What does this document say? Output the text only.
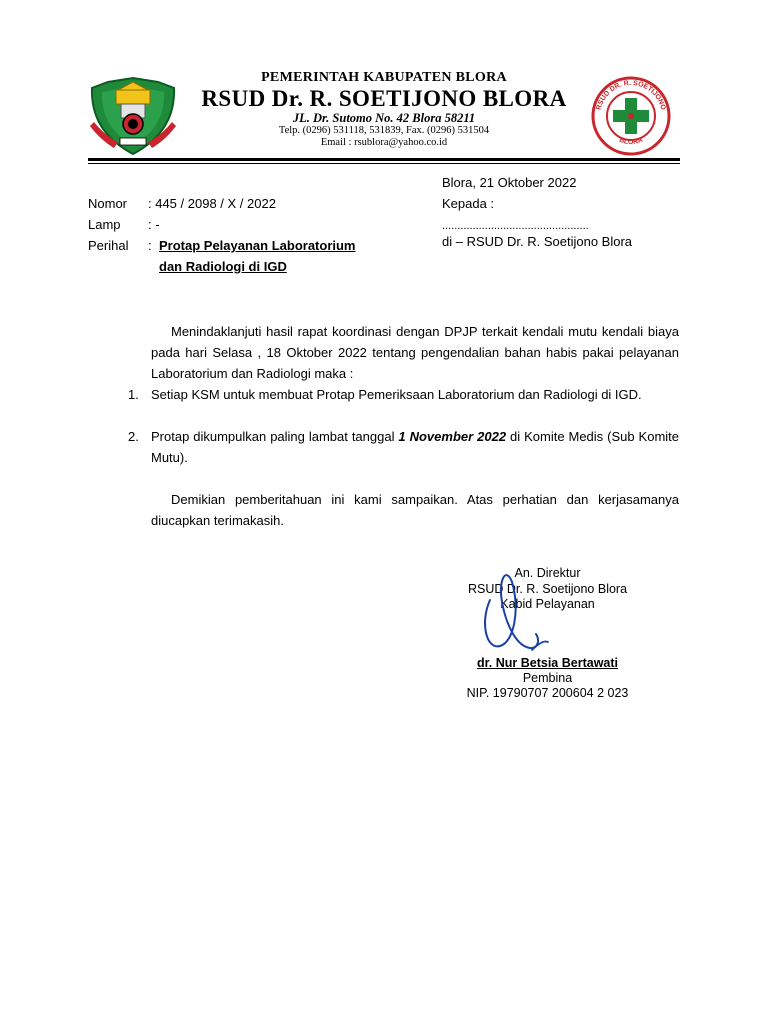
PEMERINTAH KABUPATEN BLORA
RSUD Dr. R. SOETIJONO BLORA
JL. Dr. Sutomo No. 42 Blora 58211
Telp. (0296) 531118, 531839, Fax. (0296) 531504
Email : rsublora@yahoo.co.id
RSUD DR. R. SOETIJONO
BLORA
Blora, 21 Oktober 2022
Kepada :
................................................
di – RSUD Dr. R. Soetijono Blora
Nomor : 445 / 2098 / X / 2022
Lamp : -
Perihal : Protap Pelayanan Laboratorium
dan Radiologi di IGD
Menindaklanjuti hasil rapat koordinasi dengan DPJP terkait kendali mutu kendali biaya pada hari Selasa , 18 Oktober 2022 tentang pengendalian bahan habis pakai pelayanan Laboratorium dan Radiologi maka :
1. Setiap KSM untuk membuat Protap Pemeriksaan Laboratorium dan Radiologi di IGD.
2. Protap dikumpulkan paling lambat tanggal 1 November 2022 di Komite Medis (Sub Komite Mutu).
Demikian pemberitahuan ini kami sampaikan. Atas perhatian dan kerjasamanya diucapkan terimakasih.
An. Direktur
RSUD Dr. R. Soetijono Blora
Kabid Pelayanan
dr. Nur Betsia Bertawati
Pembina
NIP. 19790707 200604 2 023
